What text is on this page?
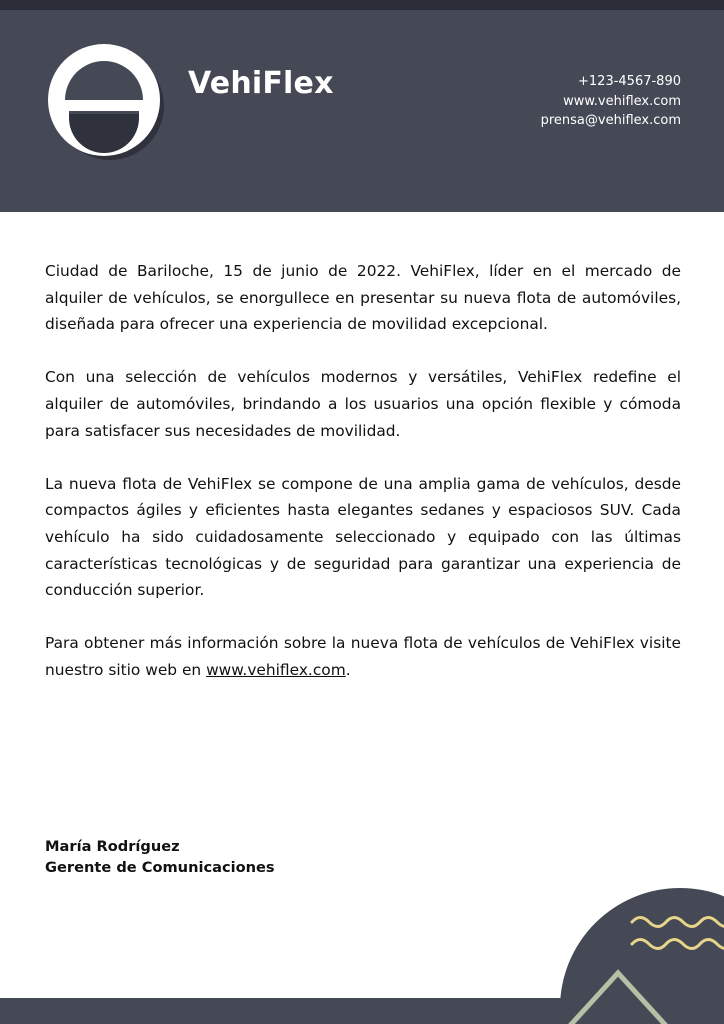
VehiFlex	+123-4567-890
www.vehiflex.com
prensa@vehiflex.com

Ciudad de Bariloche, 15 de junio de 2022. VehiFlex, líder en el mercado de alquiler de vehículos, se enorgullece en presentar su nueva flota de automóviles, diseñada para ofrecer una experiencia de movilidad excepcional.

Con una selección de vehículos modernos y versátiles, VehiFlex redefine el alquiler de automóviles, brindando a los usuarios una opción flexible y cómoda para satisfacer sus necesidades de movilidad.

La nueva flota de VehiFlex se compone de una amplia gama de vehículos, desde compactos ágiles y eficientes hasta elegantes sedanes y espaciosos SUV. Cada vehículo ha sido cuidadosamente seleccionado y equipado con las últimas características tecnológicas y de seguridad para garantizar una experiencia de conducción superior.

Para obtener más información sobre la nueva flota de vehículos de VehiFlex visite nuestro sitio web en www.vehiflex.com.

María Rodríguez
Gerente de Comunicaciones
